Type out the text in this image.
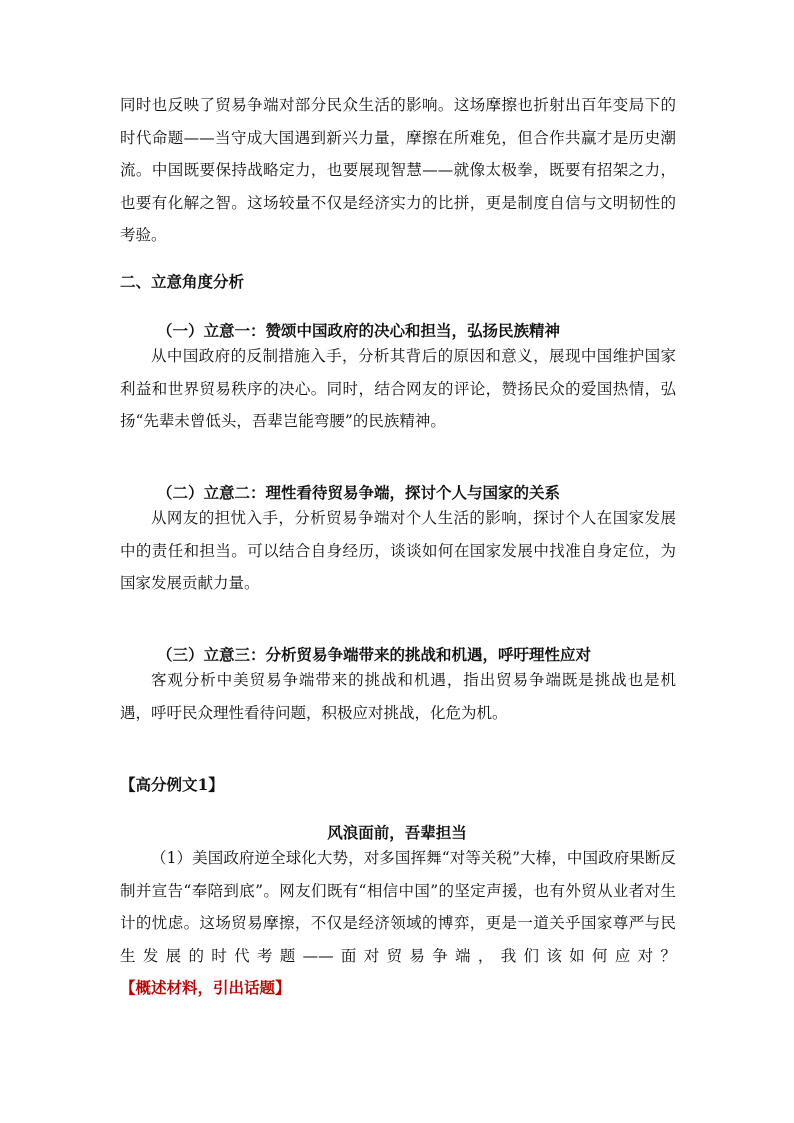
同时也反映了贸易争端对部分民众生活的影响。这场摩擦也折射出百年变局下的时代命题——当守成大国遇到新兴力量，摩擦在所难免，但合作共赢才是历史潮流。中国既要保持战略定力，也要展现智慧——就像太极拳，既要有招架之力，也要有化解之智。这场较量不仅是经济实力的比拼，更是制度自信与文明韧性的考验。

二、立意角度分析

（一）立意一：赞颂中国政府的决心和担当，弘扬民族精神

从中国政府的反制措施入手，分析其背后的原因和意义，展现中国维护国家利益和世界贸易秩序的决心。同时，结合网友的评论，赞扬民众的爱国热情，弘扬“先辈未曾低头，吾辈岂能弯腰”的民族精神。

（二）立意二：理性看待贸易争端，探讨个人与国家的关系

从网友的担忧入手，分析贸易争端对个人生活的影响，探讨个人在国家发展中的责任和担当。可以结合自身经历，谈谈如何在国家发展中找准自身定位，为国家发展贡献力量。

（三）立意三：分析贸易争端带来的挑战和机遇，呼吁理性应对

客观分析中美贸易争端带来的挑战和机遇，指出贸易争端既是挑战也是机遇，呼吁民众理性看待问题，积极应对挑战，化危为机。

【高分例文1】

风浪面前，吾辈担当

（1）美国政府逆全球化大势，对多国挥舞“对等关税”大棒，中国政府果断反制并宣告“奉陪到底”。网友们既有“相信中国”的坚定声援，也有外贸从业者对生计的忧虑。这场贸易摩擦，不仅是经济领域的博弈，更是一道关乎国家尊严与民生发展的时代考题——面对贸易争端，我们该如何应对？【概述材料，引出话题】
